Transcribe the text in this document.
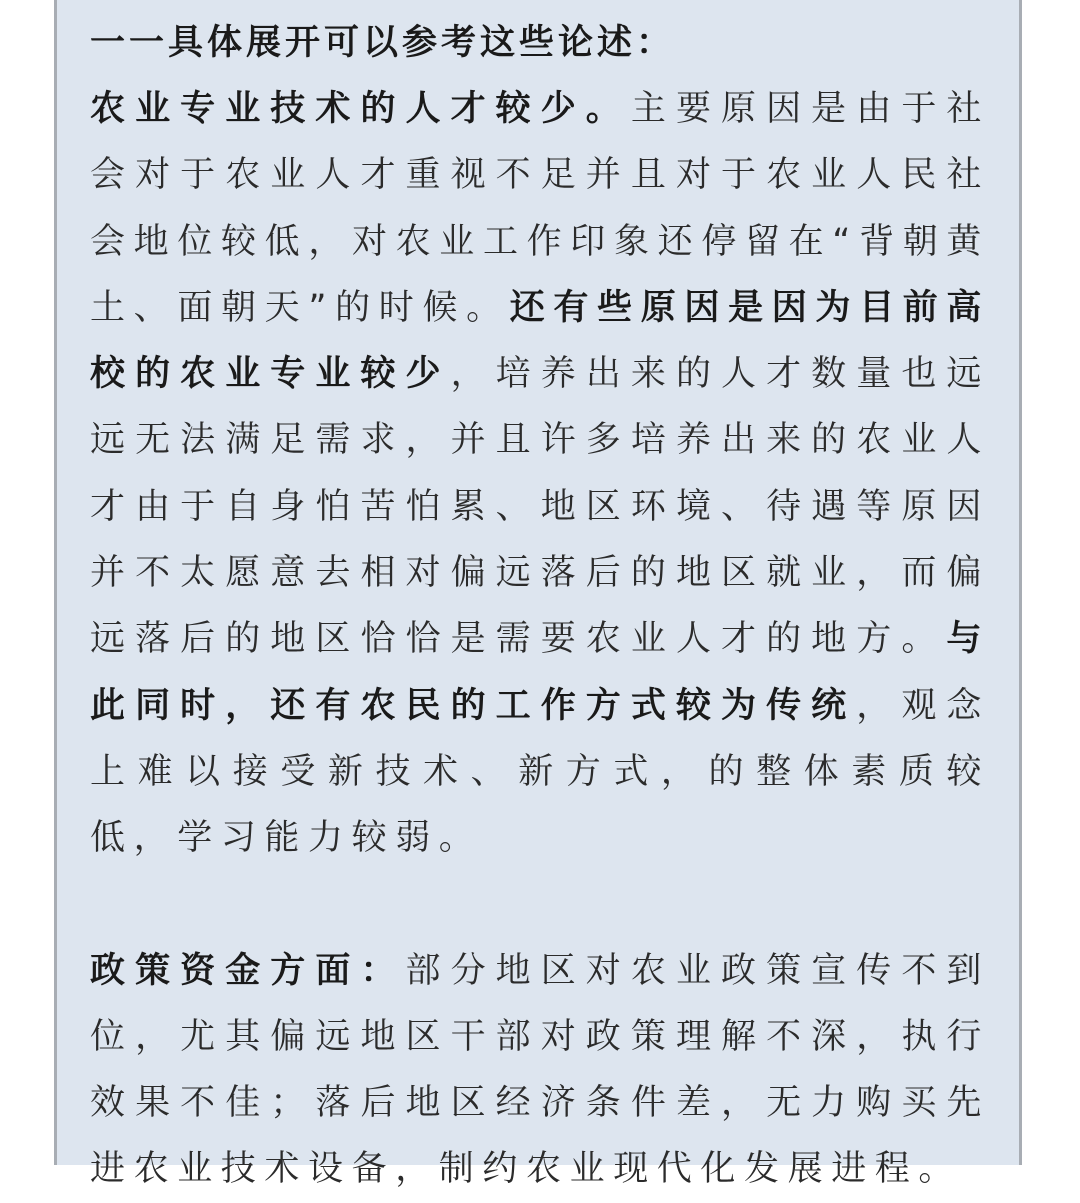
一一具体展开可以参考这些论述：

农业专业技术的人才较少。主要原因是由于社会对于农业人才重视不足并且对于农业人民社会地位较低，对农业工作印象还停留在“背朝黄土、面朝天”的时候。还有些原因是因为目前高校的农业专业较少，培养出来的人才数量也远远无法满足需求，并且许多培养出来的农业人才由于自身怕苦怕累、地区环境、待遇等原因并不太愿意去相对偏远落后的地区就业，而偏远落后的地区恰恰是需要农业人才的地方。与此同时，还有农民的工作方式较为传统，观念上难以接受新技术、新方式，的整体素质较低，学习能力较弱。

政策资金方面：部分地区对农业政策宣传不到位，尤其偏远地区干部对政策理解不深，执行效果不佳；落后地区经济条件差，无力购买先进农业技术设备，制约农业现代化发展进程。
